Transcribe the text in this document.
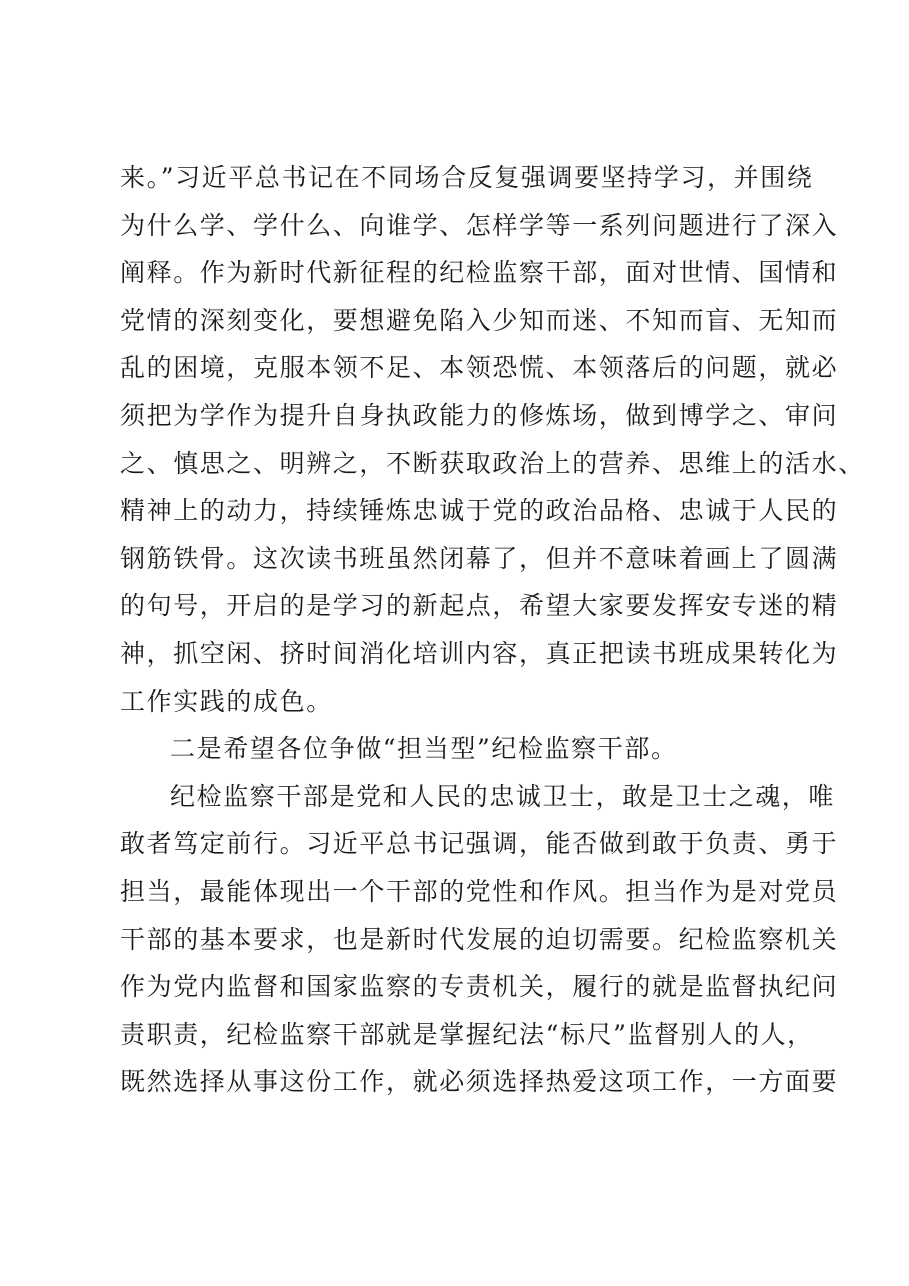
来。”习近平总书记在不同场合反复强调要坚持学习，并围绕
为什么学、学什么、向谁学、怎样学等一系列问题进行了深入
阐释。作为新时代新征程的纪检监察干部，面对世情、国情和
党情的深刻变化，要想避免陷入少知而迷、不知而盲、无知而
乱的困境，克服本领不足、本领恐慌、本领落后的问题，就必
须把为学作为提升自身执政能力的修炼场，做到博学之、审问
之、慎思之、明辨之，不断获取政治上的营养、思维上的活水、
精神上的动力，持续锤炼忠诚于党的政治品格、忠诚于人民的
钢筋铁骨。这次读书班虽然闭幕了，但并不意味着画上了圆满
的句号，开启的是学习的新起点，希望大家要发挥安专迷的精
神，抓空闲、挤时间消化培训内容，真正把读书班成果转化为
工作实践的成色。
二是希望各位争做“担当型”纪检监察干部。
纪检监察干部是党和人民的忠诚卫士，敢是卫士之魂，唯
敢者笃定前行。习近平总书记强调，能否做到敢于负责、勇于
担当，最能体现出一个干部的党性和作风。担当作为是对党员
干部的基本要求，也是新时代发展的迫切需要。纪检监察机关
作为党内监督和国家监察的专责机关，履行的就是监督执纪问
责职责，纪检监察干部就是掌握纪法“标尺”监督别人的人，
既然选择从事这份工作，就必须选择热爱这项工作，一方面要
